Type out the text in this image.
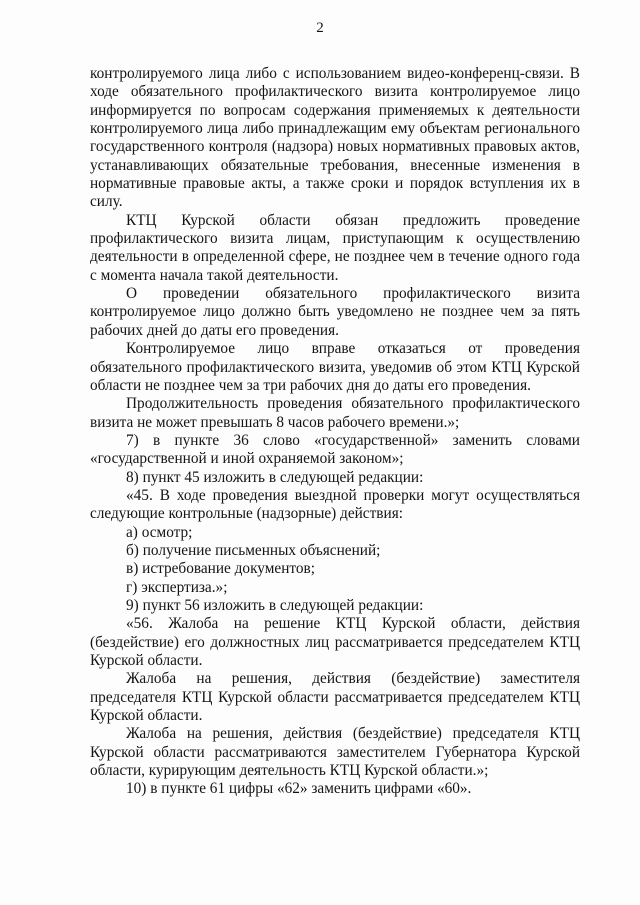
2

контролируемого лица либо с использованием видео-конференц-связи. В ходе обязательного профилактического визита контролируемое лицо информируется по вопросам содержания применяемых к деятельности контролируемого лица либо принадлежащим ему объектам регионального государственного контроля (надзора) новых нормативных правовых актов, устанавливающих обязательные требования, внесенные изменения в нормативные правовые акты, а также сроки и порядок вступления их в силу.

КТЦ Курской области обязан предложить проведение профилактического визита лицам, приступающим к осуществлению деятельности в определенной сфере, не позднее чем в течение одного года с момента начала такой деятельности.

О проведении обязательного профилактического визита контролируемое лицо должно быть уведомлено не позднее чем за пять рабочих дней до даты его проведения.

Контролируемое лицо вправе отказаться от проведения обязательного профилактического визита, уведомив об этом КТЦ Курской области не позднее чем за три рабочих дня до даты его проведения.

Продолжительность проведения обязательного профилактического визита не может превышать 8 часов рабочего времени.»;

7) в пункте 36 слово «государственной» заменить словами «государственной и иной охраняемой законом»;

8) пункт 45 изложить в следующей редакции:

«45. В ходе проведения выездной проверки могут осуществляться следующие контрольные (надзорные) действия:

а) осмотр;

б) получение письменных объяснений;

в) истребование документов;

г) экспертиза.»;

9) пункт 56 изложить в следующей редакции:

«56. Жалоба на решение КТЦ Курской области, действия (бездействие) его должностных лиц рассматривается председателем КТЦ Курской области.

Жалоба на решения, действия (бездействие) заместителя председателя КТЦ Курской области рассматривается председателем КТЦ Курской области.

Жалоба на решения, действия (бездействие) председателя КТЦ Курской области рассматриваются заместителем Губернатора Курской области, курирующим деятельность КТЦ Курской области.»;

10) в пункте 61 цифры «62» заменить цифрами «60».
